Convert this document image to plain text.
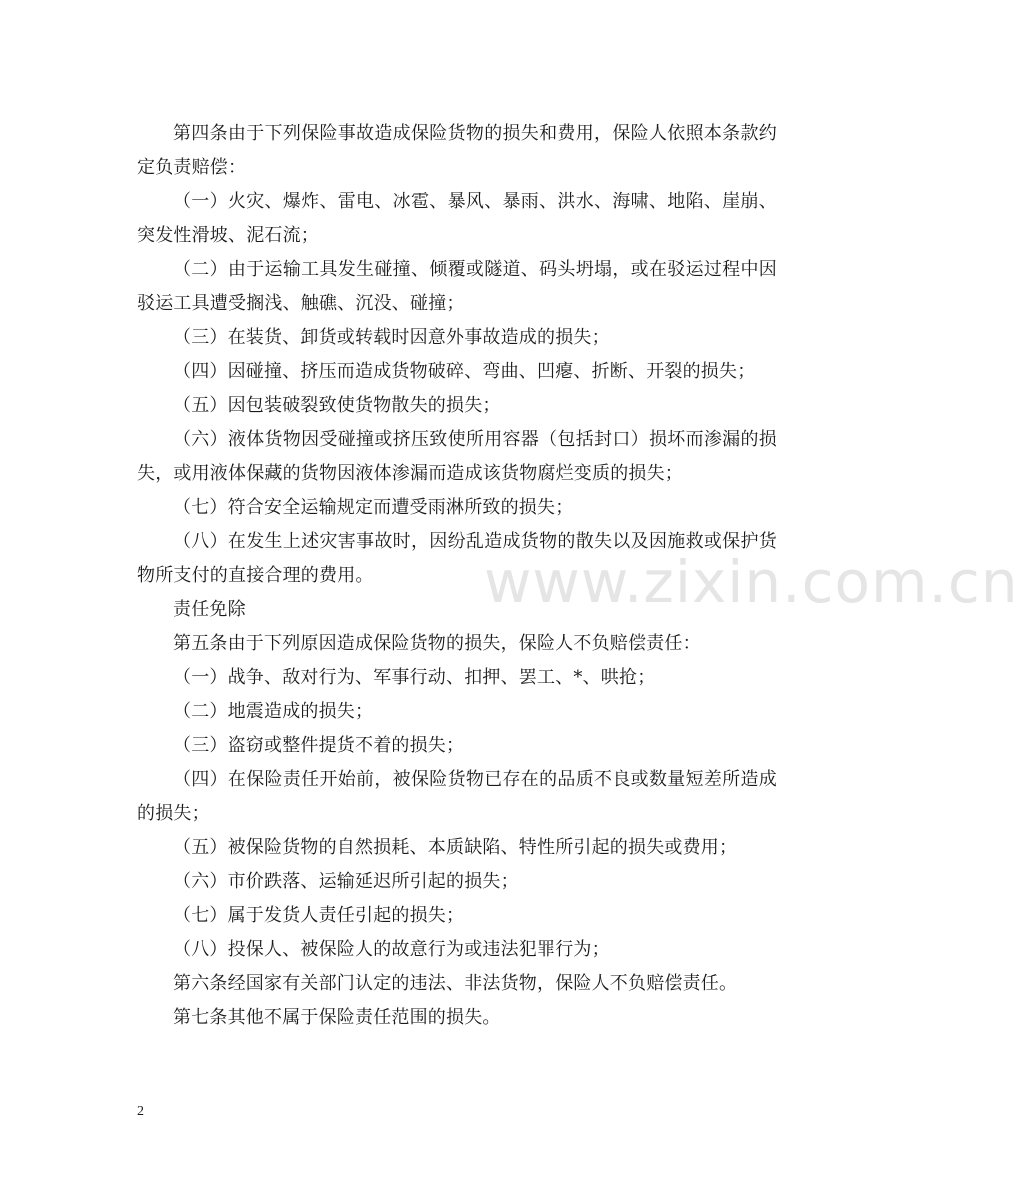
第四条由于下列保险事故造成保险货物的损失和费用，保险人依照本条款约定负责赔偿：

（一）火灾、爆炸、雷电、冰雹、暴风、暴雨、洪水、海啸、地陷、崖崩、突发性滑坡、泥石流；

（二）由于运输工具发生碰撞、倾覆或隧道、码头坍塌，或在驳运过程中因驳运工具遭受搁浅、触礁、沉没、碰撞；

（三）在装货、卸货或转载时因意外事故造成的损失；

（四）因碰撞、挤压而造成货物破碎、弯曲、凹瘪、折断、开裂的损失；

（五）因包装破裂致使货物散失的损失；

（六）液体货物因受碰撞或挤压致使所用容器（包括封口）损坏而渗漏的损失，或用液体保藏的货物因液体渗漏而造成该货物腐烂变质的损失；

（七）符合安全运输规定而遭受雨淋所致的损失；

（八）在发生上述灾害事故时，因纷乱造成货物的散失以及因施救或保护货物所支付的直接合理的费用。

责任免除

第五条由于下列原因造成保险货物的损失，保险人不负赔偿责任：

（一）战争、敌对行为、军事行动、扣押、罢工、*、哄抢；

（二）地震造成的损失；

（三）盗窃或整件提货不着的损失；

（四）在保险责任开始前，被保险货物已存在的品质不良或数量短差所造成的损失；

（五）被保险货物的自然损耗、本质缺陷、特性所引起的损失或费用；

（六）市价跌落、运输延迟所引起的损失；

（七）属于发货人责任引起的损失；

（八）投保人、被保险人的故意行为或违法犯罪行为；

第六条经国家有关部门认定的违法、非法货物，保险人不负赔偿责任。

第七条其他不属于保险责任范围的损失。

www.zixin.com.cn
2
